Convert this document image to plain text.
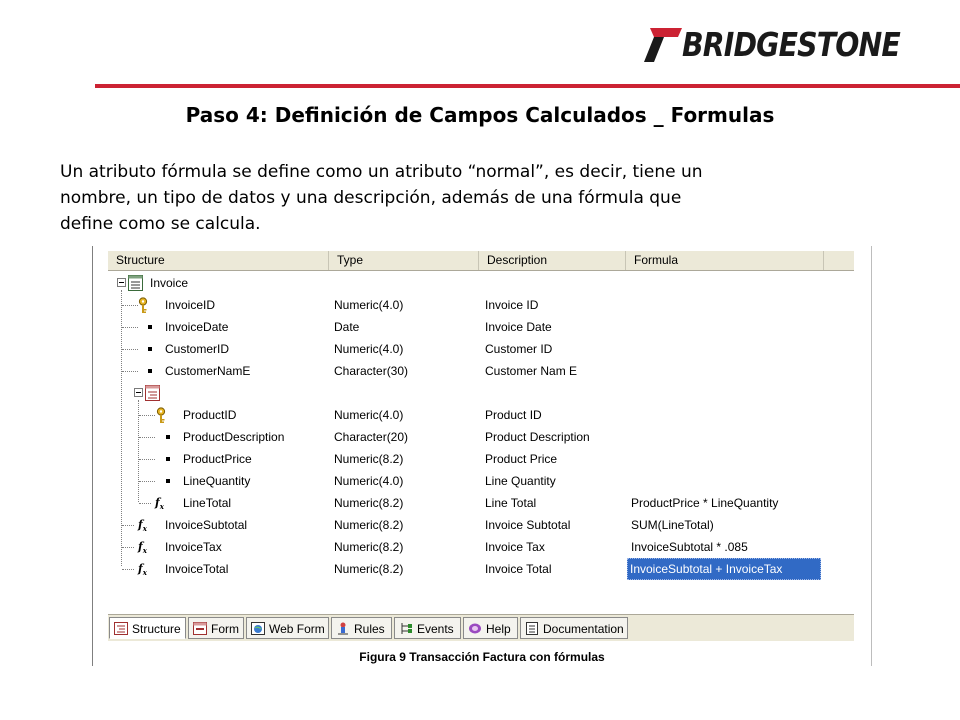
BRIDGESTONE
Paso 4: Definición de Campos Calculados _ Formulas
Un atributo fórmula se define como un atributo “normal”, es decir, tiene un
nombre, un tipo de datos y una descripción, además de una fórmula que
define como se calcula.
Structure	Type	Description	Formula
Invoice
InvoiceID	Numeric(4.0)	Invoice ID
InvoiceDate	Date	Invoice Date
CustomerID	Numeric(4.0)	Customer ID
CustomerNamE	Character(30)	Customer Nam E
ProductID	Numeric(4.0)	Product ID
ProductDescription	Character(20)	Product Description
ProductPrice	Numeric(8.2)	Product Price
LineQuantity	Numeric(4.0)	Line Quantity
$f_x$ LineTotal	Numeric(8.2)	Line Total	ProductPrice * LineQuantity
$f_x$ InvoiceSubtotal	Numeric(8.2)	Invoice Subtotal	SUM(LineTotal)
$f_x$ InvoiceTax	Numeric(8.2)	Invoice Tax	InvoiceSubtotal * .085
$f_x$ InvoiceTotal	Numeric(8.2)	Invoice Total	InvoiceSubtotal + InvoiceTax
Structure	Form	Web Form	Rules	Events	Help	Documentation
Figura 9 Transacción Factura con fórmulas
